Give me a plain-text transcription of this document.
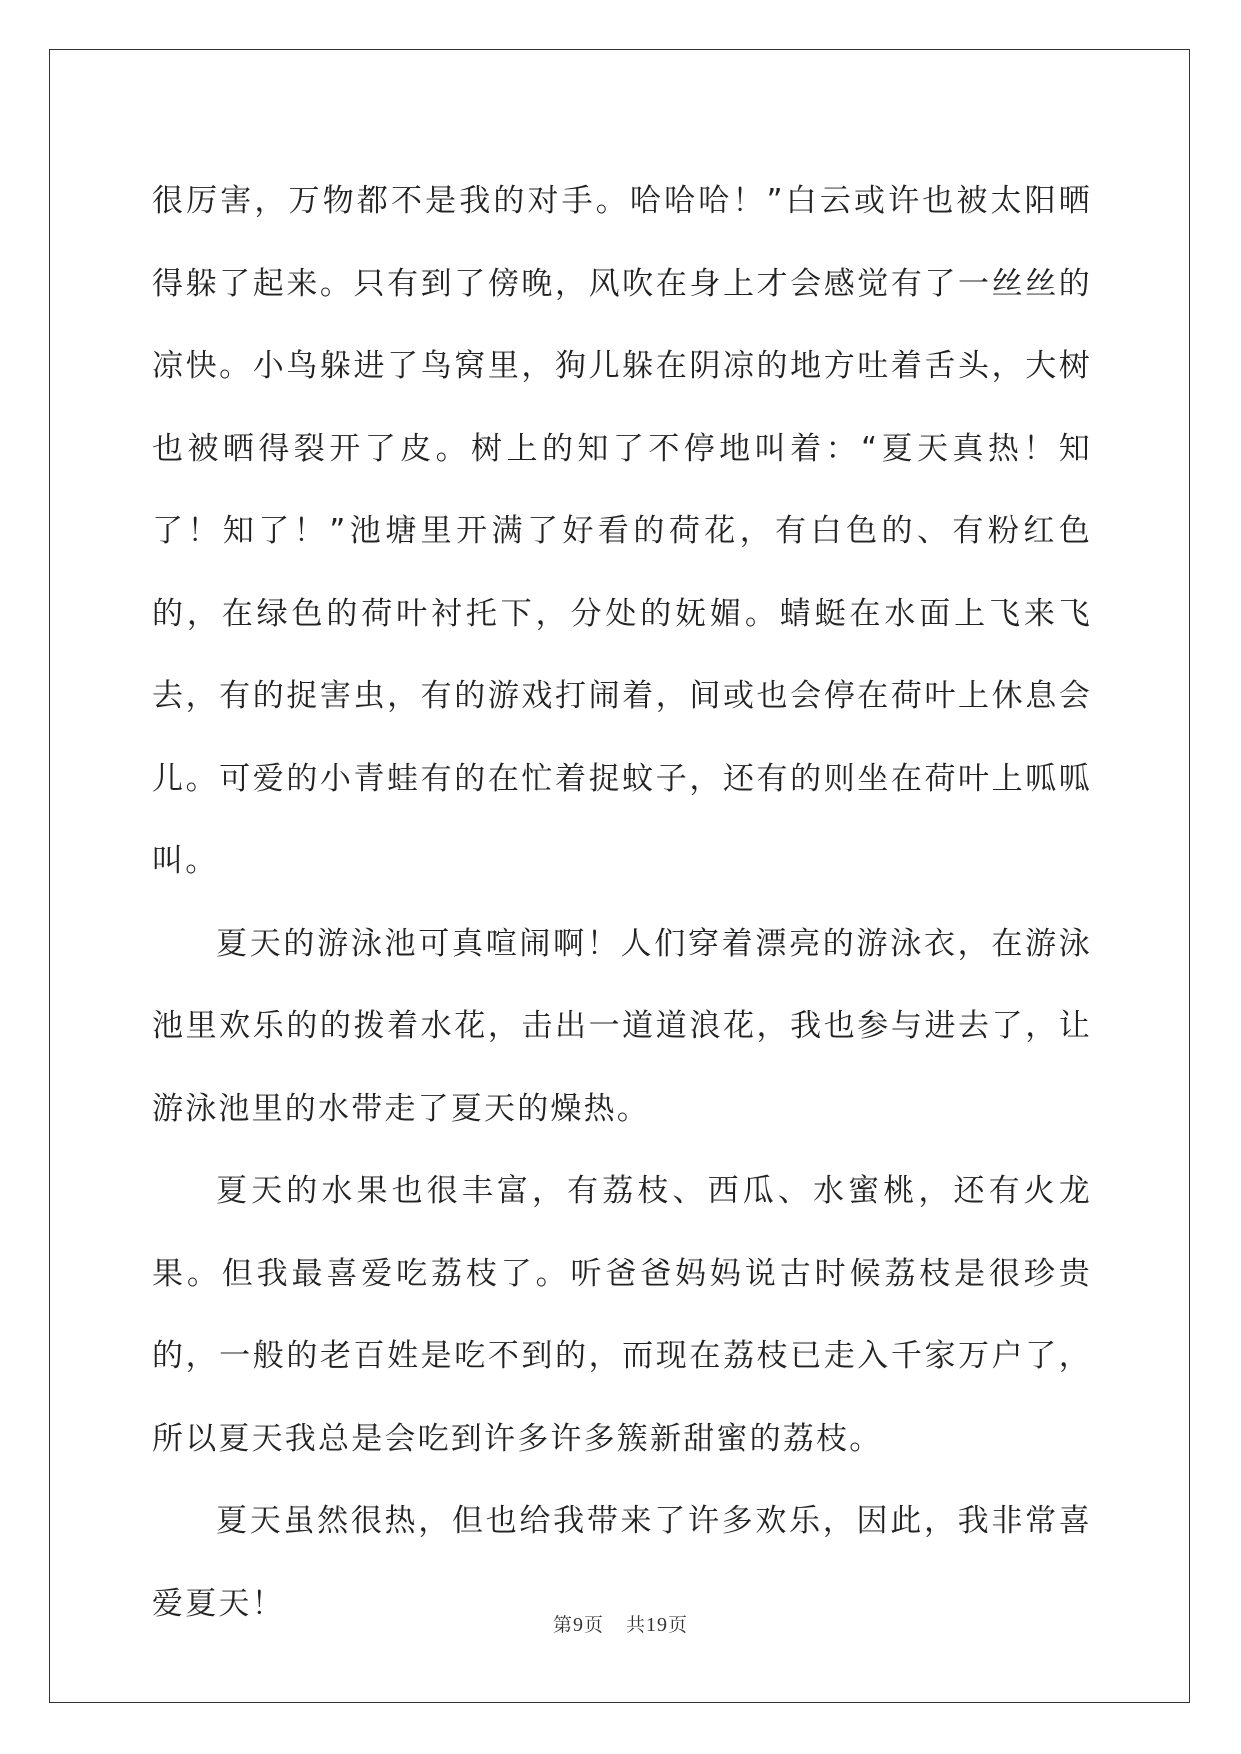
很厉害，万物都不是我的对手。哈哈哈！”白云或许也被太阳晒得躲了起来。只有到了傍晚，风吹在身上才会感觉有了一丝丝的凉快。小鸟躲进了鸟窝里，狗儿躲在阴凉的地方吐着舌头，大树也被晒得裂开了皮。树上的知了不停地叫着：“夏天真热！知了！知了！”池塘里开满了好看的荷花，有白色的、有粉红色的，在绿色的荷叶衬托下，分处的妩媚。蜻蜓在水面上飞来飞去，有的捉害虫，有的游戏打闹着，间或也会停在荷叶上休息会儿。可爱的小青蛙有的在忙着捉蚊子，还有的则坐在荷叶上呱呱叫。

夏天的游泳池可真喧闹啊！人们穿着漂亮的游泳衣，在游泳池里欢乐的的拨着水花，击出一道道浪花，我也参与进去了，让游泳池里的水带走了夏天的燥热。

夏天的水果也很丰富，有荔枝、西瓜、水蜜桃，还有火龙果。但我最喜爱吃荔枝了。听爸爸妈妈说古时候荔枝是很珍贵的，一般的老百姓是吃不到的，而现在荔枝已走入千家万户了，所以夏天我总是会吃到许多许多簇新甜蜜的荔枝。

夏天虽然很热，但也给我带来了许多欢乐，因此，我非常喜爱夏天！

第9页 共19页
